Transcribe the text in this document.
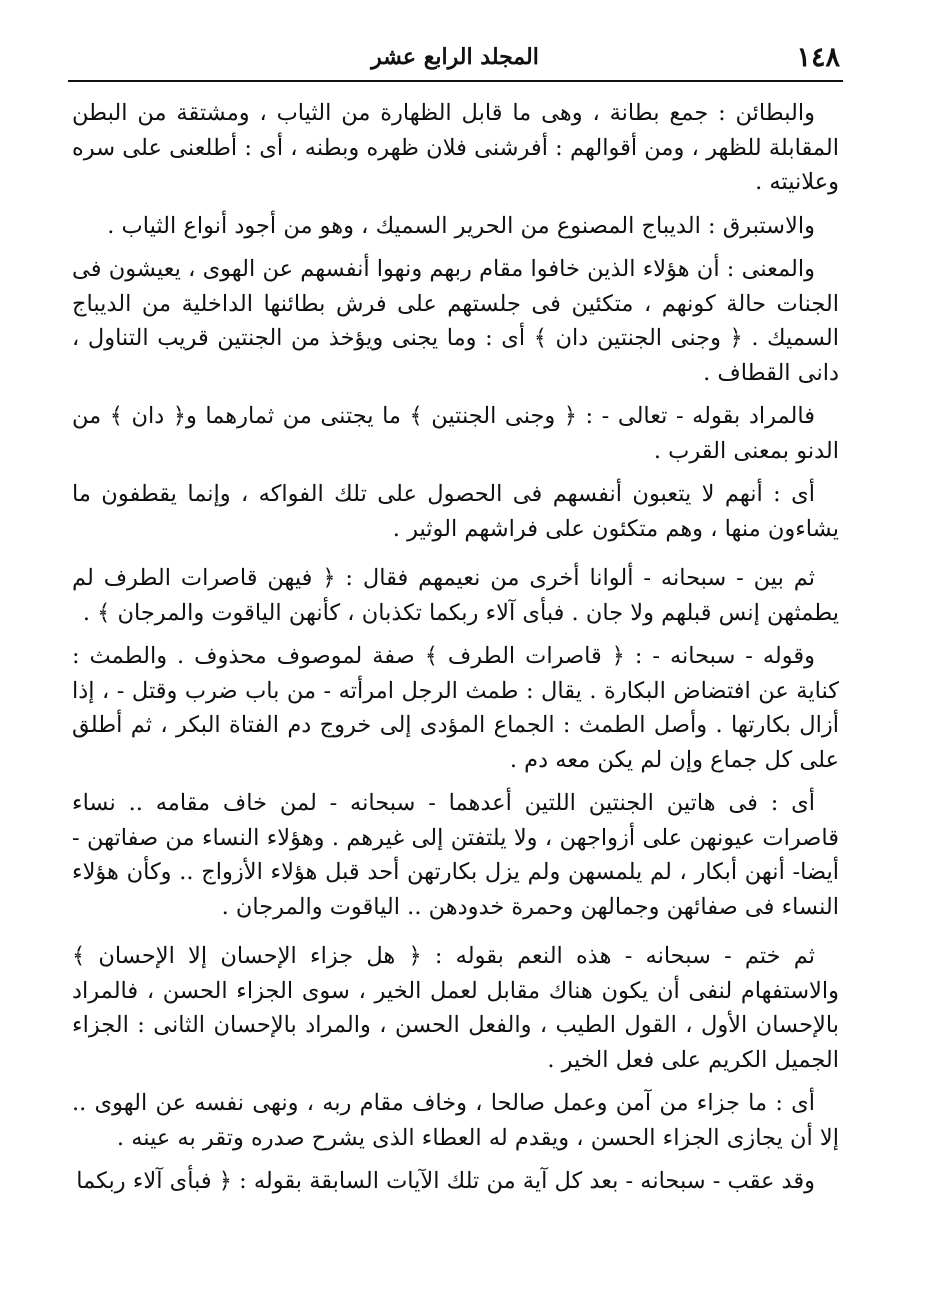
١٤٨
المجلد الرابع عشر

والبطائن : جمع بطانة ، وهى ما قابل الظهارة من الثياب ، ومشتقة من البطن المقابلة للظهر ، ومن أقوالهم : أفرشنى فلان ظهره وبطنه ، أى : أطلعنى على سره وعلانيته .

والاستبرق : الديباج المصنوع من الحرير السميك ، وهو من أجود أنواع الثياب .

والمعنى : أن هؤلاء الذين خافوا مقام ربهم ونهوا أنفسهم عن الهوى ، يعيشون فى الجنات حالة كونهم ، متكئين فى جلستهم على فرش بطائنها الداخلية من الديباج السميك . ﴿ وجنى الجنتين دان ﴾ أى : وما يجنى ويؤخذ من الجنتين قريب التناول ، دانى القطاف .

فالمراد بقوله - تعالى - : ﴿ وجنى الجنتين ﴾ ما يجتنى من ثمارهما و﴿ دان ﴾ من الدنو بمعنى القرب .

أى : أنهم لا يتعبون أنفسهم فى الحصول على تلك الفواكه ، وإنما يقطفون ما يشاءون منها ، وهم متكئون على فراشهم الوثير .

ثم بين - سبحانه - ألوانا أخرى من نعيمهم فقال : ﴿ فيهن قاصرات الطرف لم يطمثهن إنس قبلهم ولا جان . فبأى آلاء ربكما تكذبان ، كأنهن الياقوت والمرجان ﴾ .

وقوله - سبحانه - : ﴿ قاصرات الطرف ﴾ صفة لموصوف محذوف . والطمث : كناية عن افتضاض البكارة . يقال : طمث الرجل امرأته - من باب ضرب وقتل - ، إذا أزال بكارتها . وأصل الطمث : الجماع المؤدى إلى خروج دم الفتاة البكر ، ثم أطلق على كل جماع وإن لم يكن معه دم .

أى : فى هاتين الجنتين اللتين أعدهما - سبحانه - لمن خاف مقامه .. نساء قاصرات عيونهن على أزواجهن ، ولا يلتفتن إلى غيرهم . وهؤلاء النساء من صفاتهن - أيضا- أنهن أبكار ، لم يلمسهن ولم يزل بكارتهن أحد قبل هؤلاء الأزواج .. وكأن هؤلاء النساء فى صفائهن وجمالهن وحمرة خدودهن .. الياقوت والمرجان .

ثم ختم - سبحانه - هذه النعم بقوله : ﴿ هل جزاء الإحسان إلا الإحسان ﴾ والاستفهام لنفى أن يكون هناك مقابل لعمل الخير ، سوى الجزاء الحسن ، فالمراد بالإحسان الأول ، القول الطيب ، والفعل الحسن ، والمراد بالإحسان الثانى : الجزاء الجميل الكريم على فعل الخير .

أى : ما جزاء من آمن وعمل صالحا ، وخاف مقام ربه ، ونهى نفسه عن الهوى .. إلا أن يجازى الجزاء الحسن ، ويقدم له العطاء الذى يشرح صدره وتقر به عينه .

وقد عقب - سبحانه - بعد كل آية من تلك الآيات السابقة بقوله : ﴿ فبأى آلاء ربكما
